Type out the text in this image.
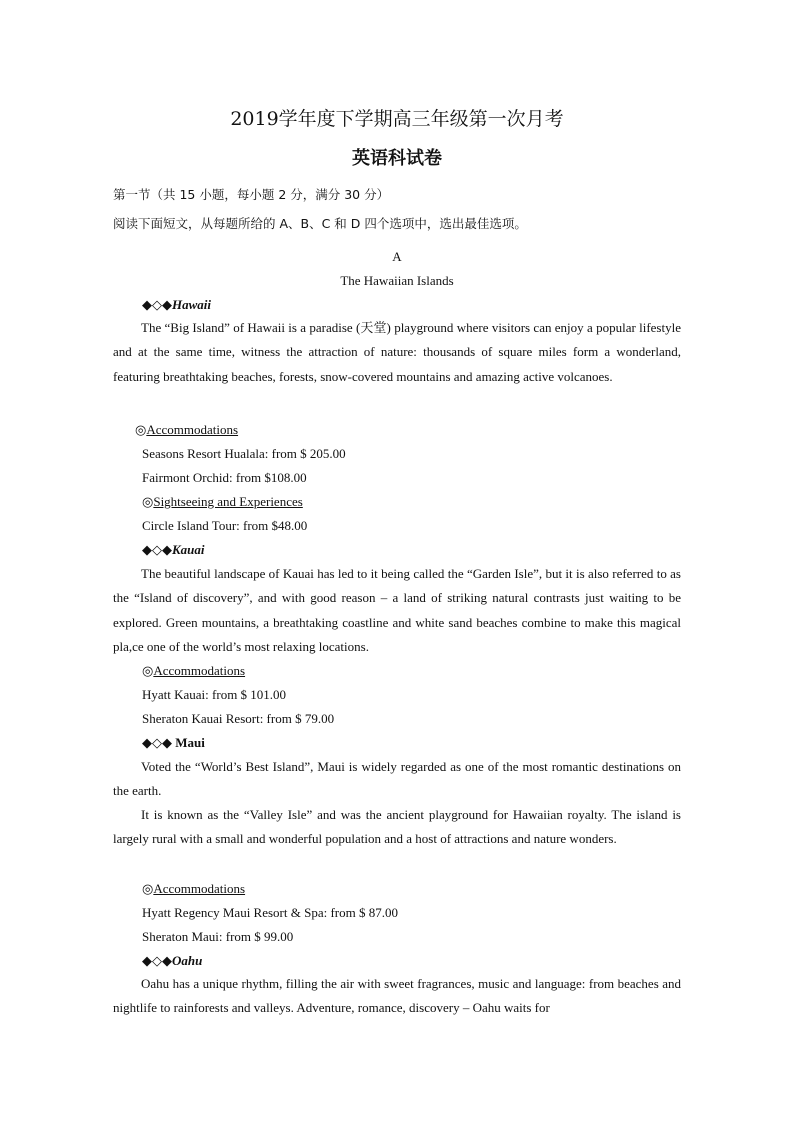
2019学年度下学期高三年级第一次月考
英语科试卷
第一节（共 15 小题，每小题 2 分，满分 30 分）
阅读下面短文，从每题所给的 A、B、C 和 D 四个选项中，选出最佳选项。
A
The Hawaiian Islands
◆◇◆Hawaii
The “Big Island” of Hawaii is a paradise (天堂) playground where visitors can enjoy a popular lifestyle and at the same time, witness the attraction of nature: thousands of square miles form a wonderland, featuring breathtaking beaches, forests, snow-covered mountains and amazing active volcanoes.
◎Accommodations
Seasons Resort Hualala: from $ 205.00
Fairmont Orchid: from $108.00
◎Sightseeing and Experiences
Circle Island Tour: from $48.00
◆◇◆Kauai
The beautiful landscape of Kauai has led to it being called the “Garden Isle”, but it is also referred to as the “Island of discovery”, and with good reason – a land of striking natural contrasts just waiting to be explored. Green mountains, a breathtaking coastline and white sand beaches combine to make this magical pla,ce one of the world’s most relaxing locations.
◎Accommodations
Hyatt Kauai: from $ 101.00
Sheraton Kauai Resort: from $ 79.00
◆◇◆ Maui
Voted the “World’s Best Island”, Maui is widely regarded as one of the most romantic destinations on the earth.
It is known as the “Valley Isle” and was the ancient playground for Hawaiian royalty. The island is largely rural with a small and wonderful population and a host of attractions and nature wonders.
◎Accommodations
Hyatt Regency Maui Resort & Spa: from $ 87.00
Sheraton Maui: from $ 99.00
◆◇◆Oahu
Oahu has a unique rhythm, filling the air with sweet fragrances, music and language: from beaches and nightlife to rainforests and valleys. Adventure, romance, discovery – Oahu waits for
